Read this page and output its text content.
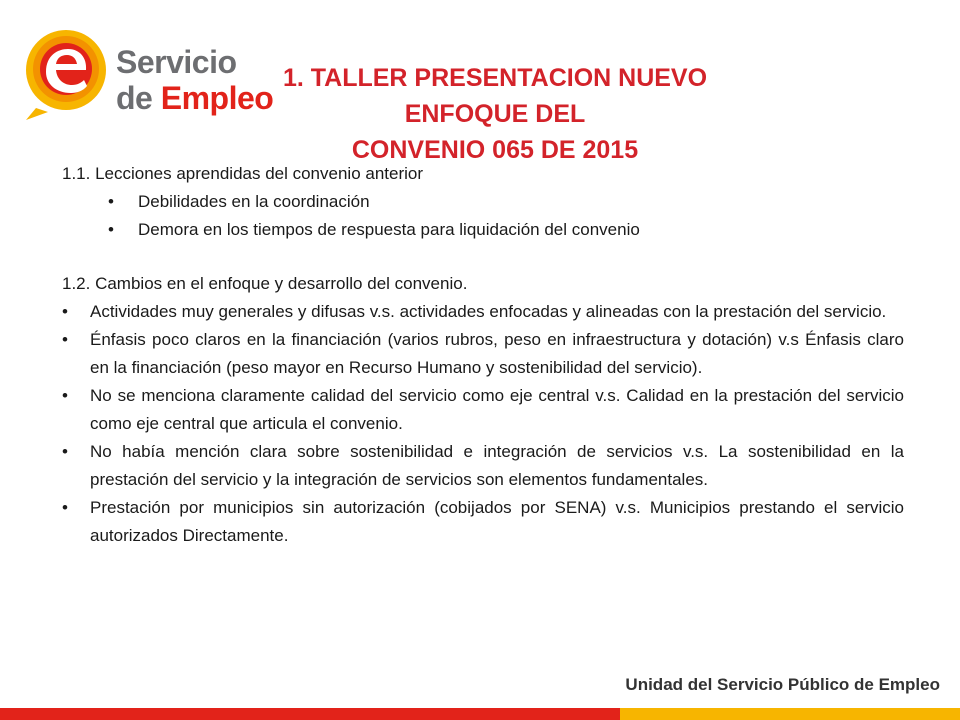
Servicio
de Empleo
1. TALLER PRESENTACION NUEVO ENFOQUE DEL
CONVENIO 065 DE 2015

1.1. Lecciones aprendidas del convenio anterior

• Debilidades en la coordinación
• Demora en los tiempos de respuesta para liquidación del convenio

1.2. Cambios en el enfoque y desarrollo del convenio.

• Actividades muy generales y difusas v.s. actividades enfocadas y alineadas con la prestación del servicio.
• Énfasis poco claros en la financiación (varios rubros, peso en infraestructura y dotación) v.s Énfasis claro en la financiación (peso mayor en Recurso Humano y sostenibilidad del servicio).
• No se menciona claramente calidad del servicio como eje central v.s. Calidad en la prestación del servicio como eje central que articula el convenio.
• No había mención clara sobre sostenibilidad e integración de servicios v.s. La sostenibilidad en la prestación del servicio y la integración de servicios son elementos fundamentales.
• Prestación por municipios sin autorización (cobijados por SENA) v.s. Municipios prestando el servicio autorizados Directamente.
Unidad del Servicio Público de Empleo
